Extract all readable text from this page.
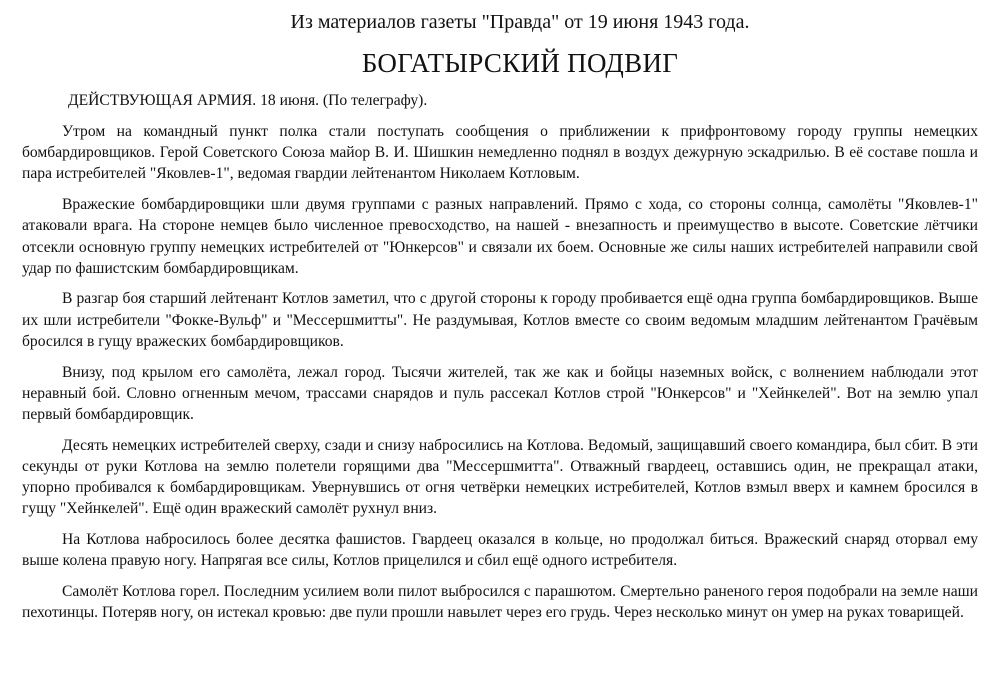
Из материалов газеты "Правда" от 19 июня 1943 года.
БОГАТЫРСКИЙ ПОДВИГ
ДЕЙСТВУЮЩАЯ АРМИЯ. 18 июня. (По телеграфу).

Утром на командный пункт полка стали поступать сообщения о приближении к прифронтовому городу группы немецких бомбардировщиков. Герой Советского Союза майор В. И. Шишкин немедленно поднял в воздух дежурную эскадрилью. В её составе пошла и пара истребителей "Яковлев-1", ведомая гвардии лейтенантом Николаем Котловым.

Вражеские бомбардировщики шли двумя группами с разных направлений. Прямо с хода, со стороны солнца, самолёты "Яковлев-1" атаковали врага. На стороне немцев было численное превосходство, на нашей - внезапность и преимущество в высоте. Советские лётчики отсекли основную группу немецких истребителей от "Юнкерсов" и связали их боем. Основные же силы наших истребителей направили свой удар по фашистским бомбардировщикам.

В разгар боя старший лейтенант Котлов заметил, что с другой стороны к городу пробивается ещё одна группа бомбардировщиков. Выше их шли истребители "Фокке-Вульф" и "Мессершмитты". Не раздумывая, Котлов вместе со своим ведомым младшим лейтенантом Грачёвым бросился в гущу вражеских бомбардировщиков.

Внизу, под крылом его самолёта, лежал город. Тысячи жителей, так же как и бойцы наземных войск, с волнением наблюдали этот неравный бой. Словно огненным мечом, трассами снарядов и пуль рассекал Котлов строй "Юнкерсов" и "Хейнкелей". Вот на землю упал первый бомбардировщик.

Десять немецких истребителей сверху, сзади и снизу набросились на Котлова. Ведомый, защищавший своего командира, был сбит. В эти секунды от руки Котлова на землю полетели горящими два "Мессершмитта". Отважный гвардеец, оставшись один, не прекращал атаки, упорно пробивался к бомбардировщикам. Увернувшись от огня четвёрки немецких истребителей, Котлов взмыл вверх и камнем бросился в гущу "Хейнкелей". Ещё один вражеский самолёт рухнул вниз.

На Котлова набросилось более десятка фашистов. Гвардеец оказался в кольце, но продолжал биться. Вражеский снаряд оторвал ему выше колена правую ногу. Напрягая все силы, Котлов прицелился и сбил ещё одного истребителя.

Самолёт Котлова горел. Последним усилием воли пилот выбросился с парашютом. Смертельно раненого героя подобрали на земле наши пехотинцы. Потеряв ногу, он истекал кровью: две пули прошли навылет через его грудь. Через несколько минут он умер на руках товарищей.
